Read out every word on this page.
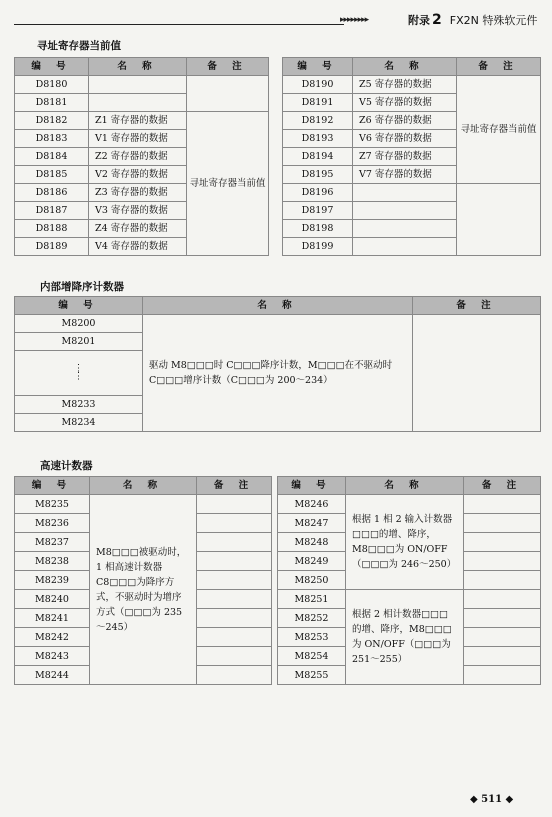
▸▸▸▸▸▸▸▸	附录 2 FX2N 特殊软元件
寻址寄存器当前值
编 号	名 称	备 注
D8180		
D8181		
D8182	Z1 寄存器的数据	寻址寄存器当前值
D8183	V1 寄存器的数据	
D8184	Z2 寄存器的数据	
D8185	V2 寄存器的数据	
D8186	Z3 寄存器的数据	
D8187	V3 寄存器的数据	
D8188	Z4 寄存器的数据	
D8189	V4 寄存器的数据	
编 号	名 称	备 注
D8190	Z5 寄存器的数据	寻址寄存器当前值
D8191	V5 寄存器的数据	
D8192	Z6 寄存器的数据	
D8193	V6 寄存器的数据	
D8194	Z7 寄存器的数据	
D8195	V7 寄存器的数据	
D8196		
D8197		
D8198		
D8199		
内部增降序计数器
编 号	名 称	备 注
M8200	驱动 M8□□□时 C□□□降序计数，M□□□在不驱动时 C□□□增序计数（C□□□为 200～234）	
M8201		
⋮
⋮		
M8233		
M8234		
高速计数器
编 号	名 称	备 注		编 号	名 称	备 注
M8235	M8□□□被驱动时，1 相高速计数器 C8□□□为降序方式，不驱动时为增序方式（□□□为 235～245）			M8246	根据 1 相 2 输入计数器□□□的增、降序，M8□□□为 ON/OFF（□□□为 246～250）	
M8236				M8247		
M8237				M8248		
M8238				M8249		
M8239				M8250		
M8240				M8251	根据 2 相计数器□□□的增、降序，M8□□□为 ON/OFF（□□□为 251～255）	
M8241				M8252		
M8242				M8253		
M8243				M8254		
M8244				M8255		
◆ 511 ◆
